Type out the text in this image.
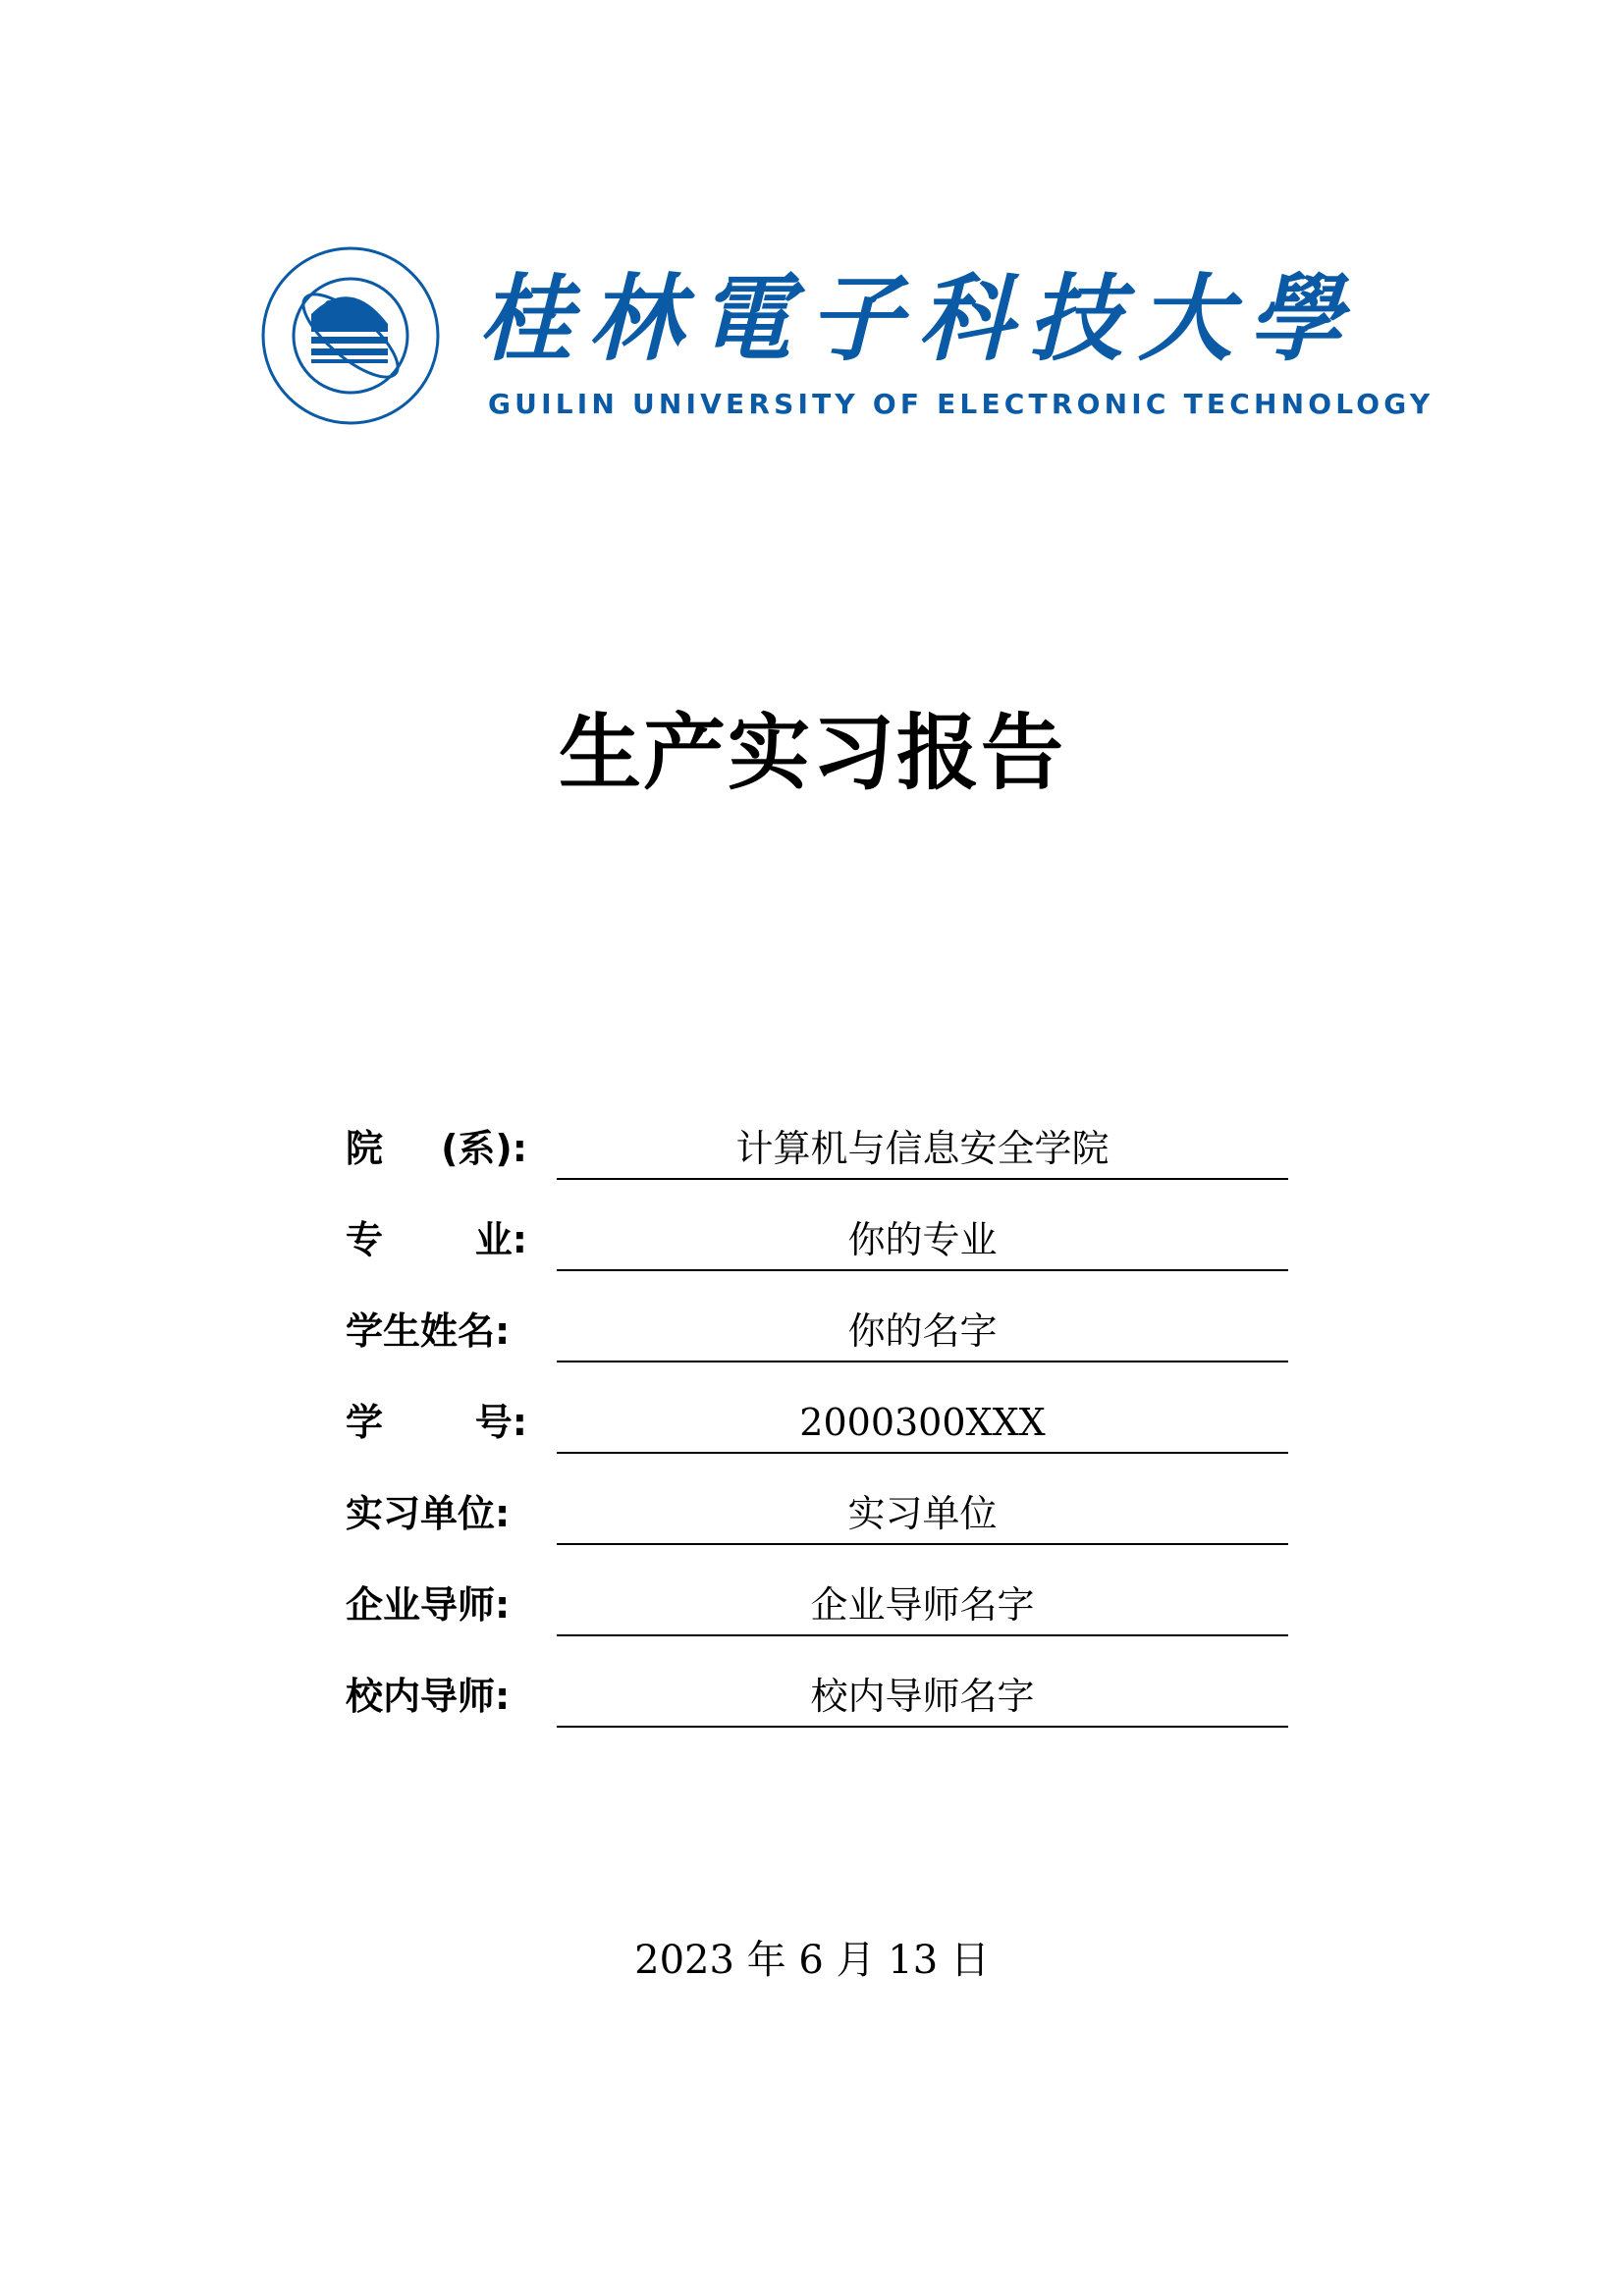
桂林電子科技大學
GUILIN UNIVERSITY OF ELECTRONIC TECHNOLOGY
生产实习报告
院 (系):	计算机与信息安全学院
专 业:	你的专业
学生姓名:	你的名字
学 号:	2000300XXX
实习单位:	实习单位
企业导师:	企业导师名字
校内导师:	校内导师名字
2023 年 6 月 13 日
